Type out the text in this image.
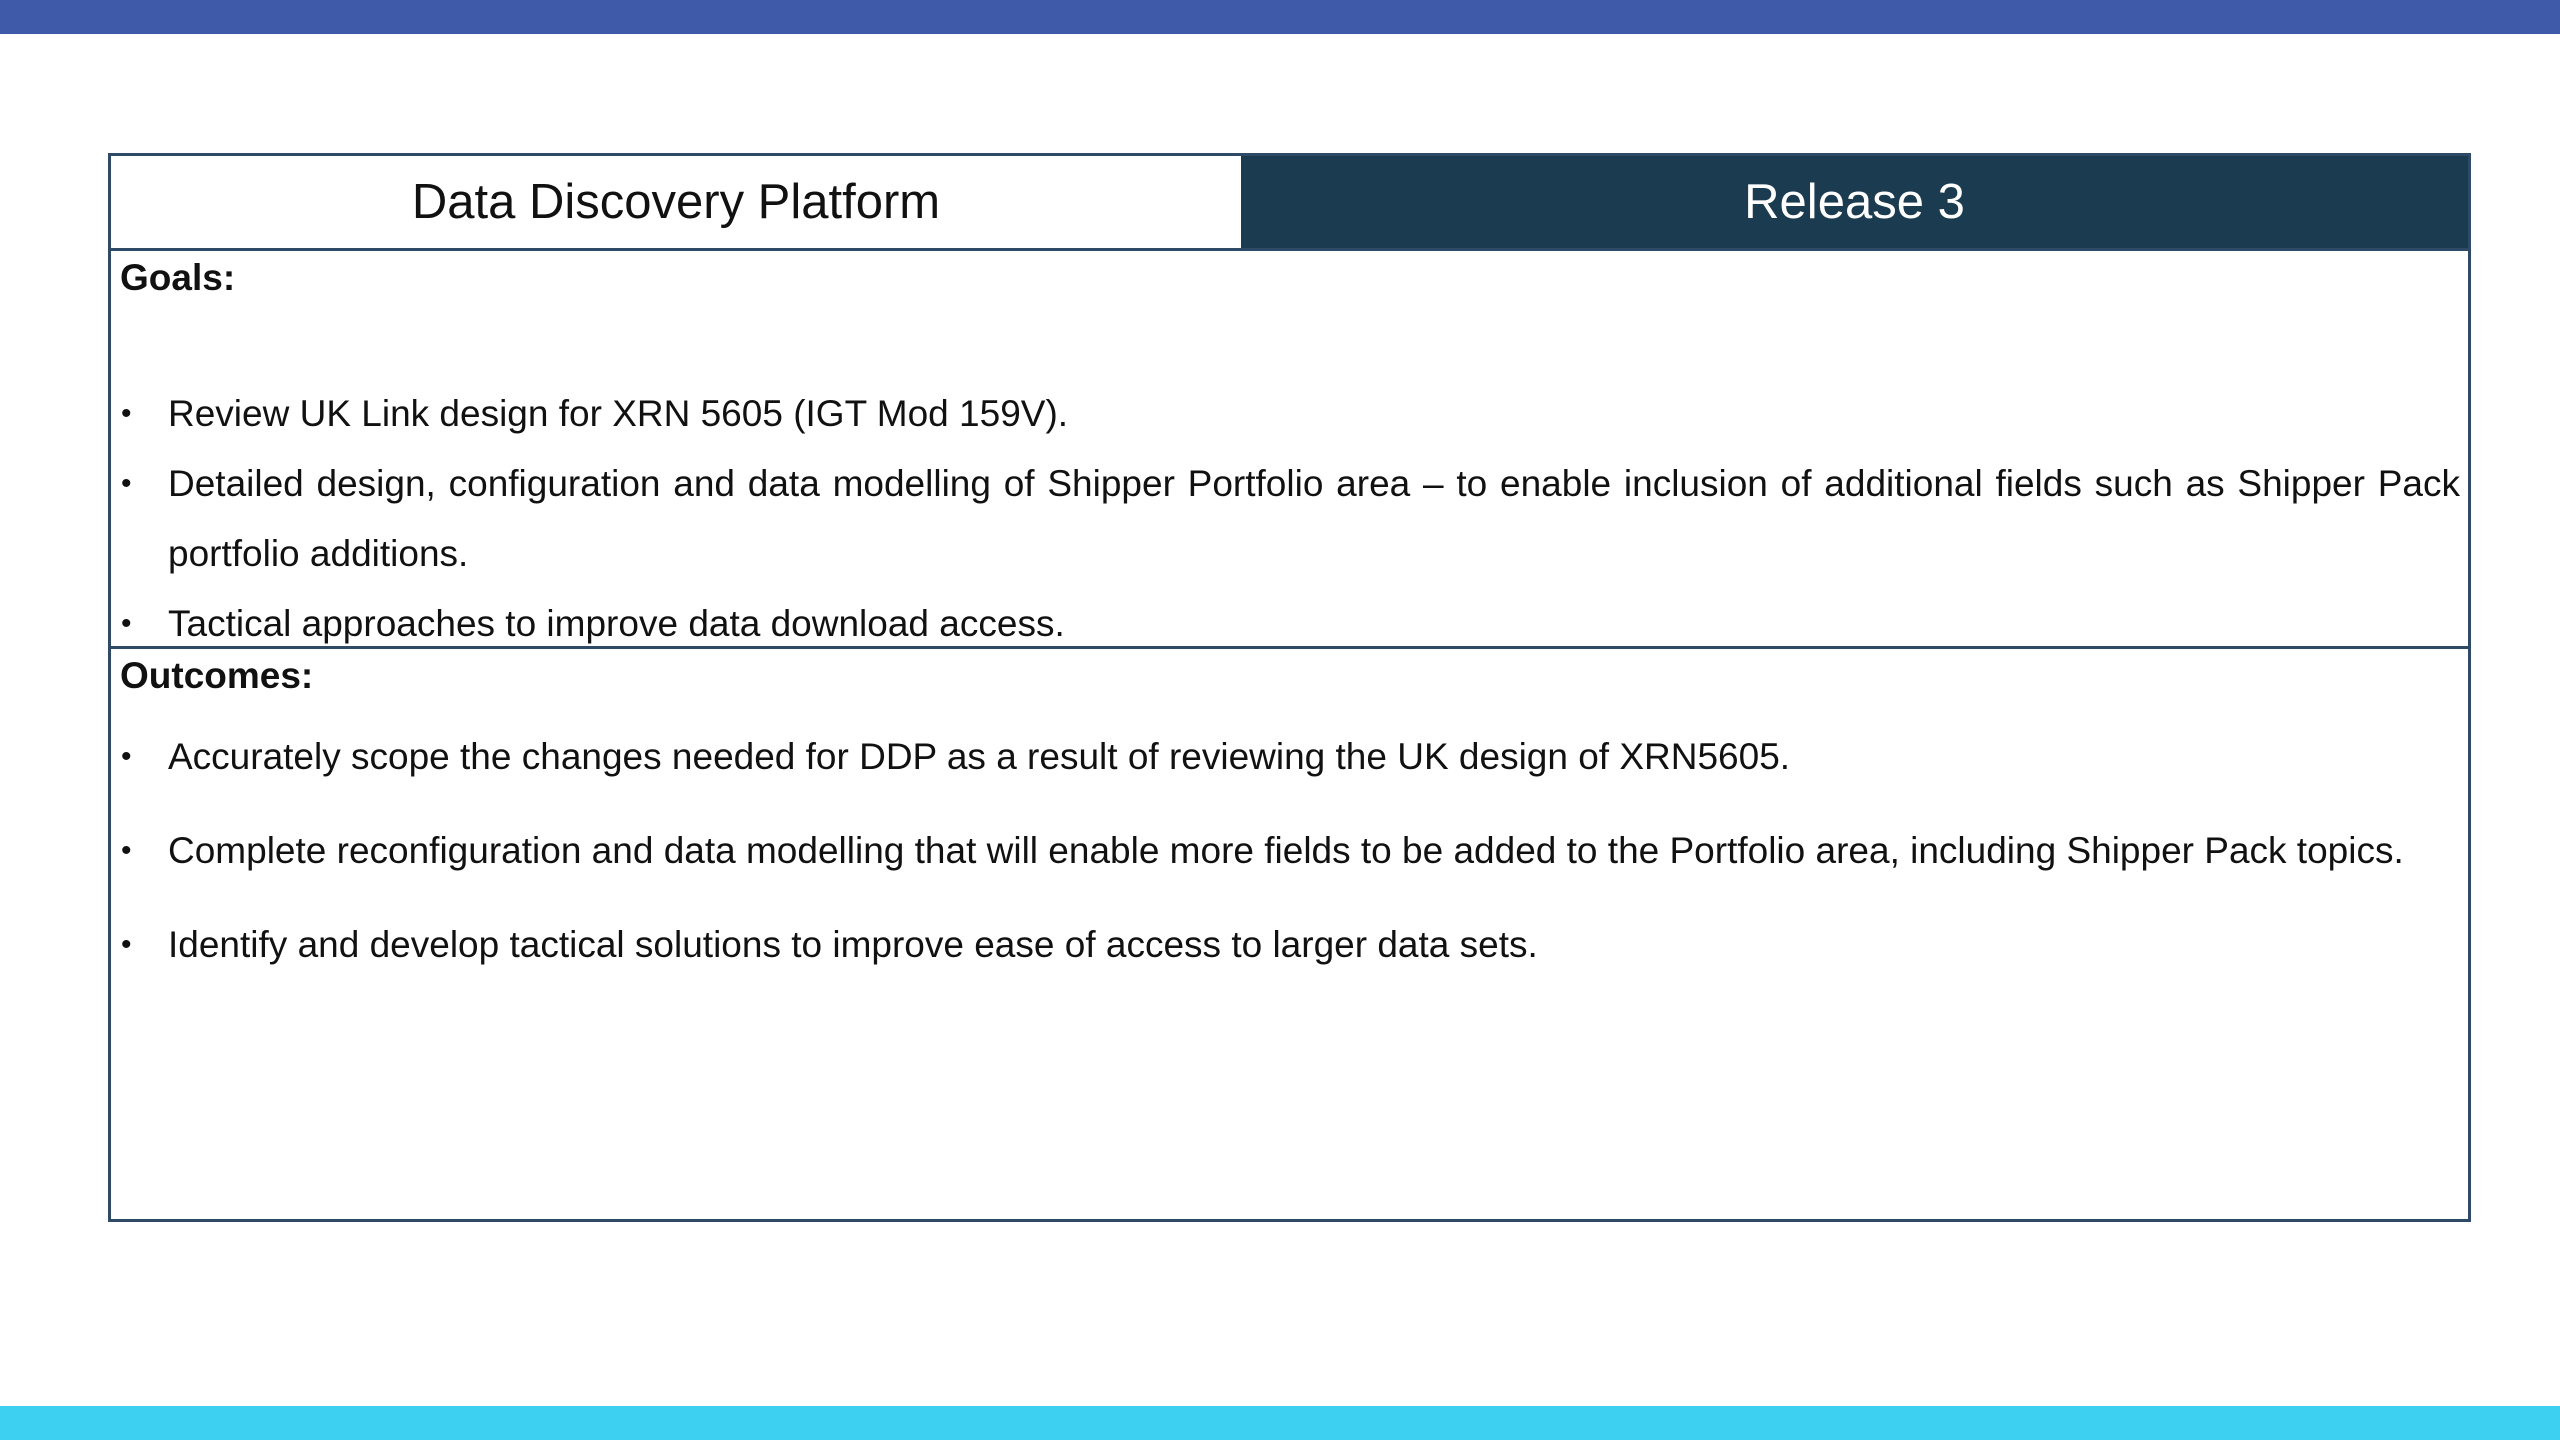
Data Discovery Platform	Release 3
Goals:
• Review UK Link design for XRN 5605 (IGT Mod 159V).
• Detailed design, configuration and data modelling of Shipper Portfolio area – to enable inclusion of additional fields such as Shipper Pack portfolio additions.
• Tactical approaches to improve data download access.
Outcomes:
• Accurately scope the changes needed for DDP as a result of reviewing the UK design of XRN5605.
• Complete reconfiguration and data modelling that will enable more fields to be added to the Portfolio area, including Shipper Pack topics.
• Identify and develop tactical solutions to improve ease of access to larger data sets.
